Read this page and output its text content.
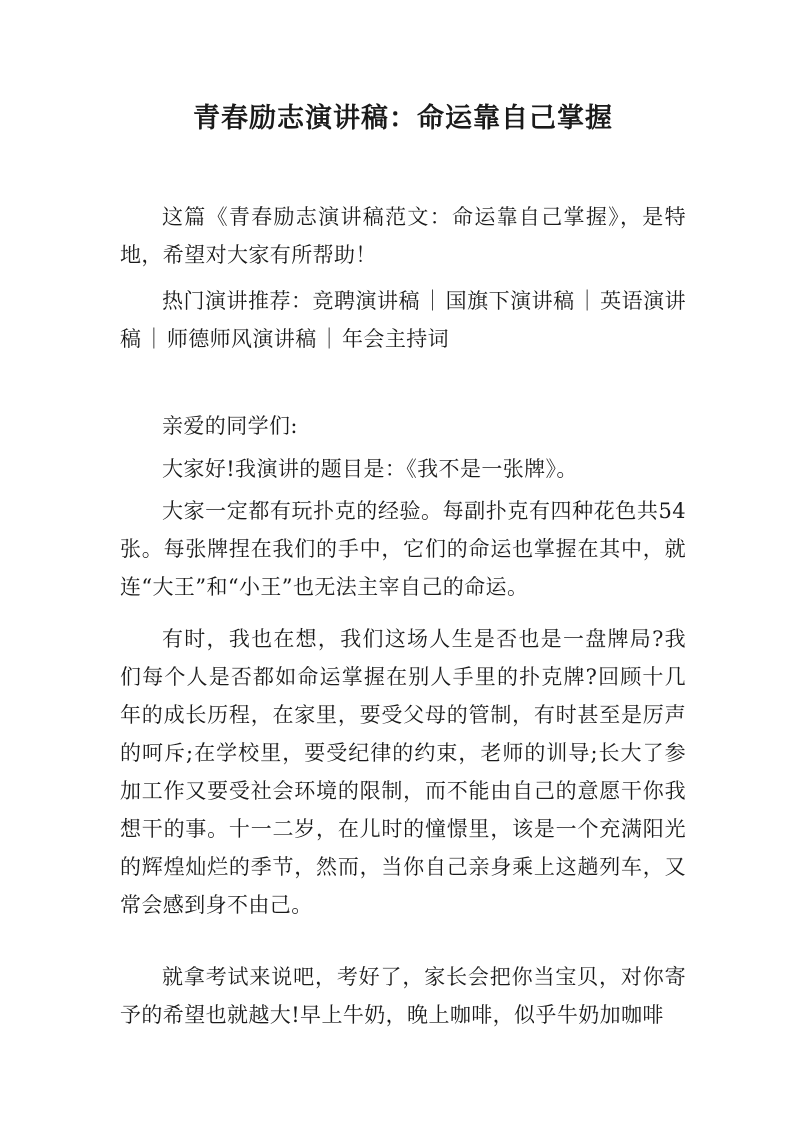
青春励志演讲稿：命运靠自己掌握

这篇《青春励志演讲稿范文：命运靠自己掌握》，是特地，希望对大家有所帮助！

热门演讲推荐：竞聘演讲稿｜国旗下演讲稿｜英语演讲稿｜师德师风演讲稿｜年会主持词

亲爱的同学们:

大家好!我演讲的题目是：《我不是一张牌》。

大家一定都有玩扑克的经验。每副扑克有四种花色共54张。每张牌捏在我们的手中，它们的命运也掌握在其中，就连“大王”和“小王”也无法主宰自己的命运。

有时，我也在想，我们这场人生是否也是一盘牌局?我们每个人是否都如命运掌握在别人手里的扑克牌?回顾十几年的成长历程，在家里，要受父母的管制，有时甚至是厉声的呵斥;在学校里，要受纪律的约束，老师的训导;长大了参加工作又要受社会环境的限制，而不能由自己的意愿干你我想干的事。十一二岁，在儿时的憧憬里，该是一个充满阳光的辉煌灿烂的季节，然而，当你自己亲身乘上这趟列车，又常会感到身不由己。

就拿考试来说吧，考好了，家长会把你当宝贝，对你寄予的希望也就越大!早上牛奶，晚上咖啡，似乎牛奶加咖啡
